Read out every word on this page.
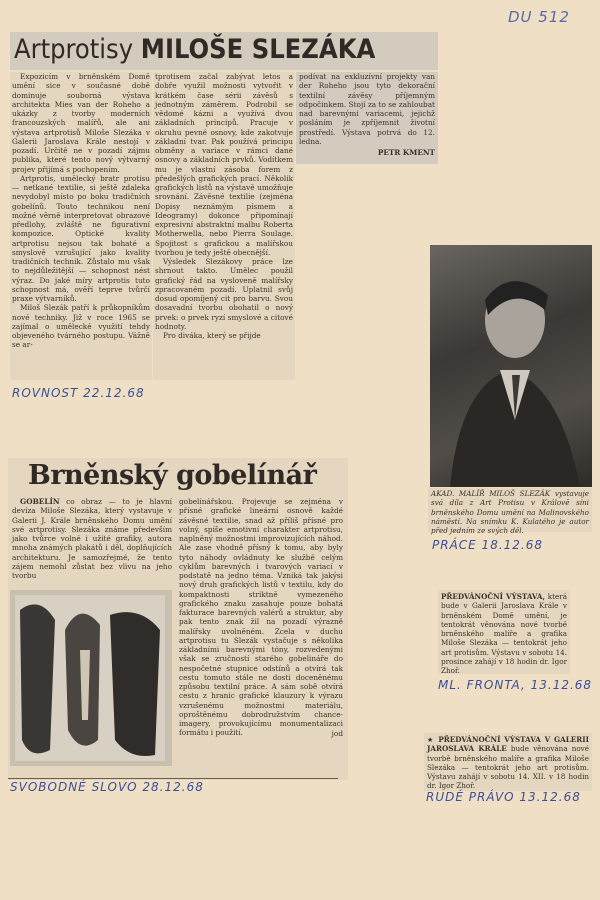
DU 512
Artprotisy MILOŠE SLEZÁKA

Expozicím v brněnském Domě umění sice v současné době dominuje souborná výstava architekta Mies van der Roheho a ukázky z tvorby moderních francouzských malířů, ale ani výstava artprotisů Miloše Slezáka v Galerii Jaroslava Krále nestojí v pozadí. Určitě ne v pozadí zájmu publika, které tento nový výtvarný projev přijímá s pochopením.

Artprotis, umělecký bratr protisu — netkané textilie, si ještě zdaleka nevydobyl místo po boku tradičních gobelínů. Touto technikou není možné věrně interpretovat obrazové předlohy, zvláště ne figurativní kompozice. Optické kvality artprotisu nejsou tak bohaté a smyslově vzrušující jako kvality tradičních technik. Zůstalo mu však to nejdůležitější — schopnost nést výraz. Do jaké míry artprotis tuto schopnost má, ověří teprve tvůrčí praxe výtvarníků.

Miloš Slezák patří k průkopníkům nové techniky. Již v roce 1965 se zajímal o umělecké využití tehdy objeveného tvárného postupu. Vážně se ar-

tprotisem začal zabývat letos a dobře využil možnosti vytvořit v krátkém čase sérii závěsů s jednotným záměrem. Podrobil se vědomé kázni a využívá dvou základních principů. Pracuje v okruhu pevné osnovy, kde zakotvuje základní tvar. Pak používá principu obměny a variace v rámci dané osnovy a základních prvků. Vodítkem mu je vlastní zásoba forem z předešlých grafických prací. Několik grafických listů na výstavě umožňuje srovnání. Závěsné textilie (zejména Dopisy neznámým písmem a Ideogramy) dokonce připomínají expresivní abstraktní malbu Roberta Motherwella, nebo Pierra Soulage. Spojitost s grafickou a malířskou tvorbou je tedy ještě obecnější.

Výsledek Slezákovy práce lze shrnout takto. Umělec použil grafický řád na vysloveně malířsky zpracovaném pozadí. Uplatnil svůj dosud opomíjený cit pro barvu. Svou dosavadní tvorbu obohatil o nový prvek: o prvek ryzí smyslové a citové hodnoty.

Pro diváka, který se přijde

podívat na exkluzívní projekty van der Roheho jsou tyto dekorační textilní závěsy příjemným odpočinkem. Stojí za to se zahloubat nad barevnými variacemi, jejichž posláním je zpříjemnit životní prostředí. Výstava potrvá do 12. ledna.

PETR KMENT
ROVNOST 22.12.68
AKAD. MALÍŘ MILOŠ SLEZÁK vystavuje svá díla z Art Protisu v Králově síni brněnského Domu umění na Malinovského náměstí. Na snímku K. Kulatého je autor před jedním ze svých děl.
PRÁCE 18.12.68
Brněnský gobelínář

GOBELÍN co obraz — to je hlavní devíza Miloše Slezáka, který vystavuje v Galerii J. Krále brněnského Domu umění své artprotisy. Slezáka známe především jako tvůrce volné i užité grafiky, autora mnoha známých plakátů i děl, doplňujících architekturu. Je samozřejmé, že tento zájem nemohl zůstat bez vlivu na jeho tvorbu

gobelínářskou. Projevuje se zejména v přísné grafické lineární osnově každé závěsné textilie, snad až příliš přísné pro volný, spíše emotivní charakter artprotisu, naplněný možnostmi improvizujících náhod. Ale zase vhodně přísný k tomu, aby byly tyto náhody ovládnuty ke službě celým cyklům barevných i tvarových variací v podstatě na jedno téma. Vzniká tak jakýsi nový druh grafických listů v textilu, kdy do kompaktnosti striktně vymezeného grafického znaku zasahuje pouze bohatá fakturace barevných valérů a struktur, aby pak tento znak žil na pozadí výrazně malířsky uvolněném. Zcela v duchu artprotisu tu Slezák vystačuje s několika základními barevnými tóny, rozvedenými však se zručností starého gobelináře do nespočetné stupnice odstínů a otvírá tak cestu tomuto stále ne dosti doceněnému způsobu textilní práce. A sám sobě otvírá cestu z hranic grafické klauzury k výrazu vzrušenému možnostmi materiálu, oproštěnému dobrodružstvím chance-imagery, provokujícímu monumentalizaci formátu i použití.	jod
SVOBODNÉ SLOVO 28.12.68
PŘEDVÁNOČNÍ VÝSTAVA, která bude v Galerii Jaroslava Krále v brněnském Domě umění, je tentokrát věnována nové tvorbě brněnského malíře a grafika Miloše Slezáka — tentokrát jeho art protisům. Výstavu v sobotu 14. prosince zahájí v 18 hodin dr. Igor Zhoř.
ML. FRONTA, 13.12.68
★ PŘEDVÁNOČNÍ VÝSTAVA V GALERII JAROSLAVA KRÁLE bude věnována nové tvorbě brněnského malíře a grafika Miloše Slezáka — tentokrát jeho art protisům. Výstavu zahájí v sobotu 14. XII. v 18 hodin dr. Igor Zhoř.
RUDÉ PRÁVO 13.12.68
